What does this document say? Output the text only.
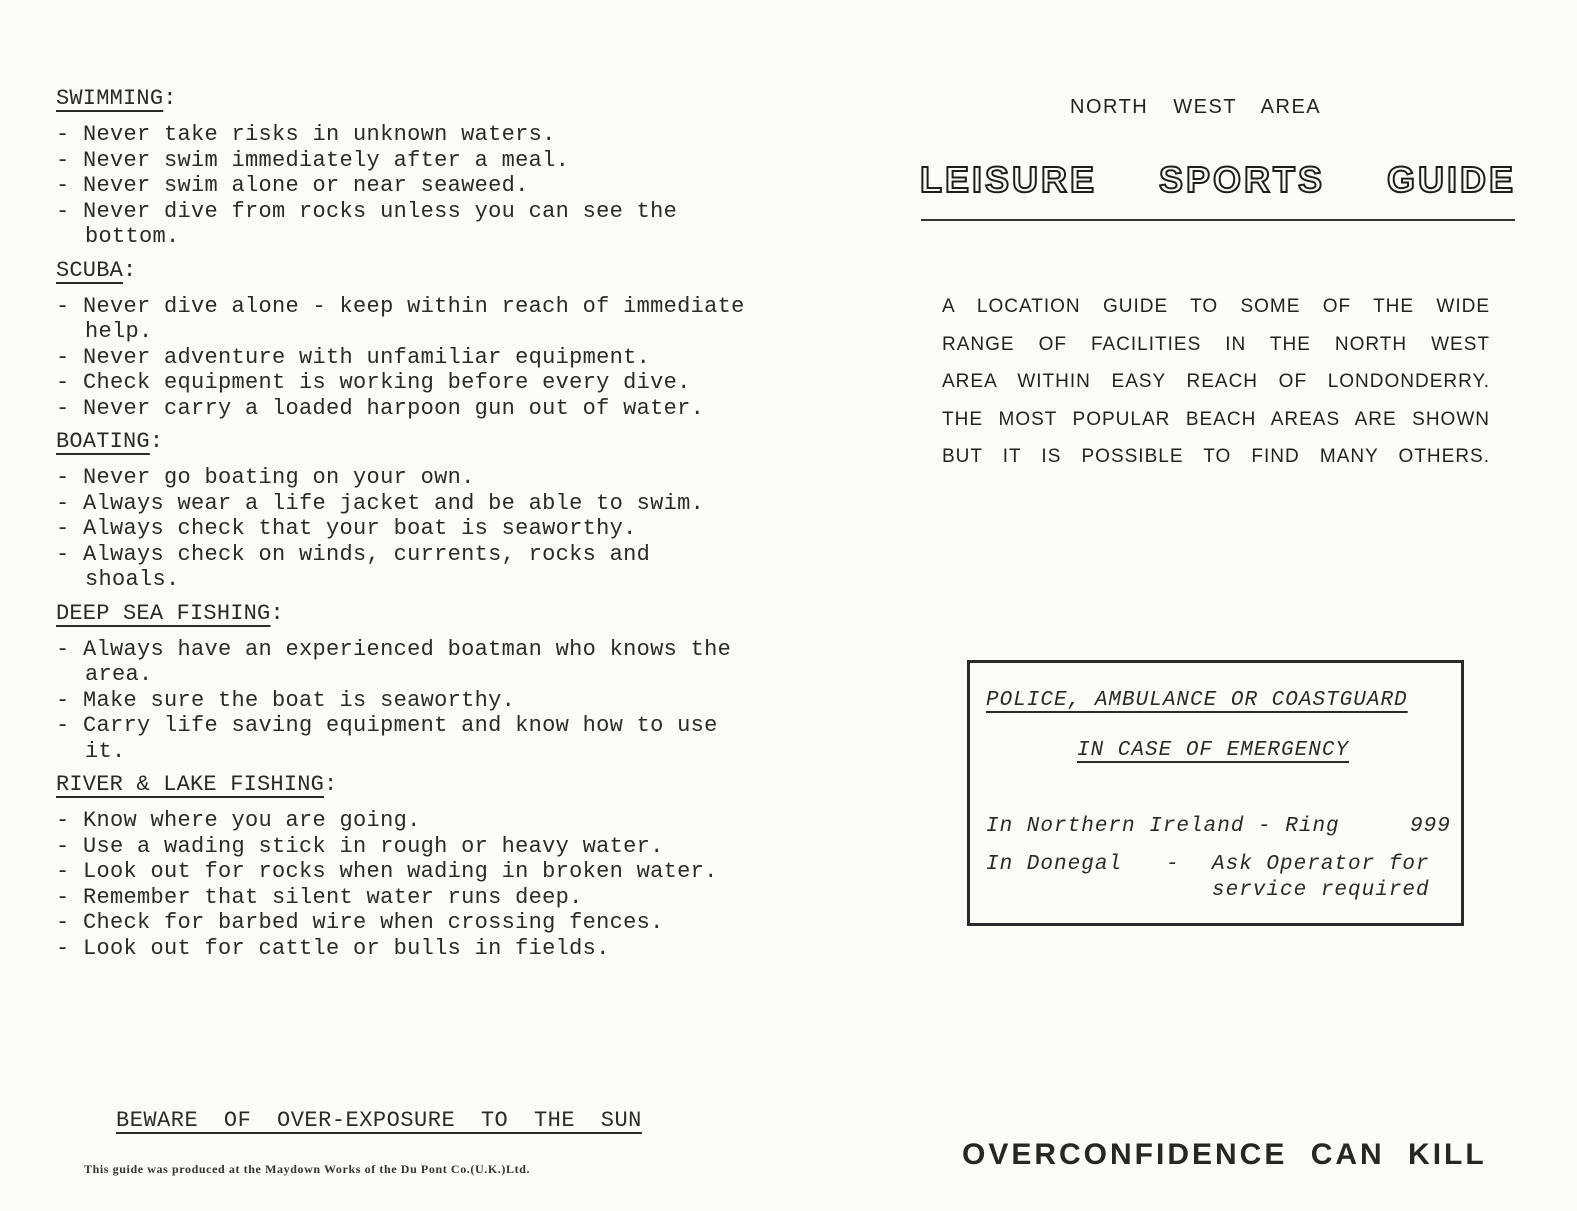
SWIMMING:
- Never take risks in unknown waters.
- Never swim immediately after a meal.
- Never swim alone or near seaweed.
- Never dive from rocks unless you can see the bottom.
SCUBA:
- Never dive alone - keep within reach of immediate help.
- Never adventure with unfamiliar equipment.
- Check equipment is working before every dive.
- Never carry a loaded harpoon gun out of water.
BOATING:
- Never go boating on your own.
- Always wear a life jacket and be able to swim.
- Always check that your boat is seaworthy.
- Always check on winds, currents, rocks and shoals.
DEEP SEA FISHING:
- Always have an experienced boatman who knows the area.
- Make sure the boat is seaworthy.
- Carry life saving equipment and know how to use it.
RIVER & LAKE FISHING:
- Know where you are going.
- Use a wading stick in rough or heavy water.
- Look out for rocks when wading in broken water.
- Remember that silent water runs deep.
- Check for barbed wire when crossing fences.
- Look out for cattle or bulls in fields.
BEWARE OF OVER-EXPOSURE TO THE SUN
This guide was produced at the Maydown Works of the Du Pont Co.(U.K.)Ltd.
NORTH WEST AREA
LEISURE SPORTS GUIDE

A LOCATION GUIDE TO SOME OF THE WIDE

RANGE OF FACILITIES IN THE NORTH WEST

AREA WITHIN EASY REACH OF LONDONDERRY.

THE MOST POPULAR BEACH AREAS ARE SHOWN

BUT IT IS POSSIBLE TO FIND MANY OTHERS.

POLICE, AMBULANCE OR COASTGUARD
IN CASE OF EMERGENCY
In Northern Ireland - Ring	999
In Donegal - Ask Operator for
service required
OVERCONFIDENCE CAN KILL
